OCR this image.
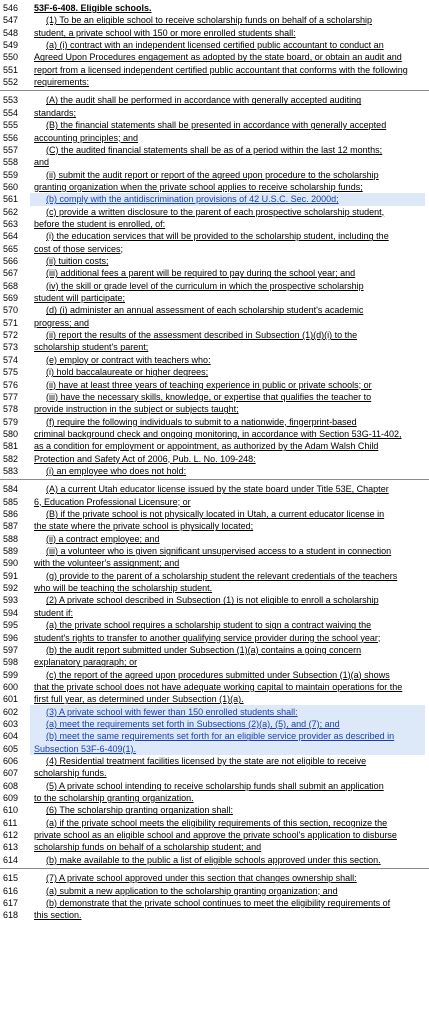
546	53F-6-408. Eligible schools.
547	(1) To be an eligible school to receive scholarship funds on behalf of a scholarship
548	student, a private school with 150 or more enrolled students shall:
549	(a) (i) contract with an independent licensed certified public accountant to conduct an
550	Agreed Upon Procedures engagement as adopted by the state board, or obtain an audit and
551	report from a licensed independent certified public accountant that conforms with the following
552	requirements:
553	(A) the audit shall be performed in accordance with generally accepted auditing
554	standards;
555	(B) the financial statements shall be presented in accordance with generally accepted
556	accounting principles; and
557	(C) the audited financial statements shall be as of a period within the last 12 months;
558	and
559	(ii) submit the audit report or report of the agreed upon procedure to the scholarship
560	granting organization when the private school applies to receive scholarship funds;
561	(b) comply with the antidiscrimination provisions of 42 U.S.C. Sec. 2000d;
562	(c) provide a written disclosure to the parent of each prospective scholarship student,
563	before the student is enrolled, of:
564	(i) the education services that will be provided to the scholarship student, including the
565	cost of those services;
566	(ii) tuition costs;
567	(iii) additional fees a parent will be required to pay during the school year; and
568	(iv) the skill or grade level of the curriculum in which the prospective scholarship
569	student will participate;
570	(d) (i) administer an annual assessment of each scholarship student's academic
571	progress; and
572	(ii) report the results of the assessment described in Subsection (1)(d)(i) to the
573	scholarship student's parent;
574	(e) employ or contract with teachers who:
575	(i) hold baccalaureate or higher degrees;
576	(ii) have at least three years of teaching experience in public or private schools; or
577	(iii) have the necessary skills, knowledge, or expertise that qualifies the teacher to
578	provide instruction in the subject or subjects taught;
579	(f) require the following individuals to submit to a nationwide, fingerprint-based
580	criminal background check and ongoing monitoring, in accordance with Section 53G-11-402,
581	as a condition for employment or appointment, as authorized by the Adam Walsh Child
582	Protection and Safety Act of 2006, Pub. L. No. 109-248:
583	(i) an employee who does not hold:
584	(A) a current Utah educator license issued by the state board under Title 53E, Chapter
585	6, Education Professional Licensure; or
586	(B) if the private school is not physically located in Utah, a current educator license in
587	the state where the private school is physically located;
588	(ii) a contract employee; and
589	(iii) a volunteer who is given significant unsupervised access to a student in connection
590	with the volunteer's assignment; and
591	(g) provide to the parent of a scholarship student the relevant credentials of the teachers
592	who will be teaching the scholarship student.
593	(2) A private school described in Subsection (1) is not eligible to enroll a scholarship
594	student if:
595	(a) the private school requires a scholarship student to sign a contract waiving the
596	student's rights to transfer to another qualifying service provider during the school year;
597	(b) the audit report submitted under Subsection (1)(a) contains a going concern
598	explanatory paragraph; or
599	(c) the report of the agreed upon procedures submitted under Subsection (1)(a) shows
600	that the private school does not have adequate working capital to maintain operations for the
601	first full year, as determined under Subsection (1)(a).
602	(3) A private school with fewer than 150 enrolled students shall:
603	(a) meet the requirements set forth in Subsections (2)(a), (5), and (7); and
604	(b) meet the same requirements set forth for an eligible service provider as described in
605	Subsection 53F-6-409(1).
606	(4) Residential treatment facilities licensed by the state are not eligible to receive
607	scholarship funds.
608	(5) A private school intending to receive scholarship funds shall submit an application
609	to the scholarship granting organization.
610	(6) The scholarship granting organization shall:
611	(a) if the private school meets the eligibility requirements of this section, recognize the
612	private school as an eligible school and approve the private school's application to disburse
613	scholarship funds on behalf of a scholarship student; and
614	(b) make available to the public a list of eligible schools approved under this section.
615	(7) A private school approved under this section that changes ownership shall:
616	(a) submit a new application to the scholarship granting organization; and
617	(b) demonstrate that the private school continues to meet the eligibility requirements of
618	this section.
